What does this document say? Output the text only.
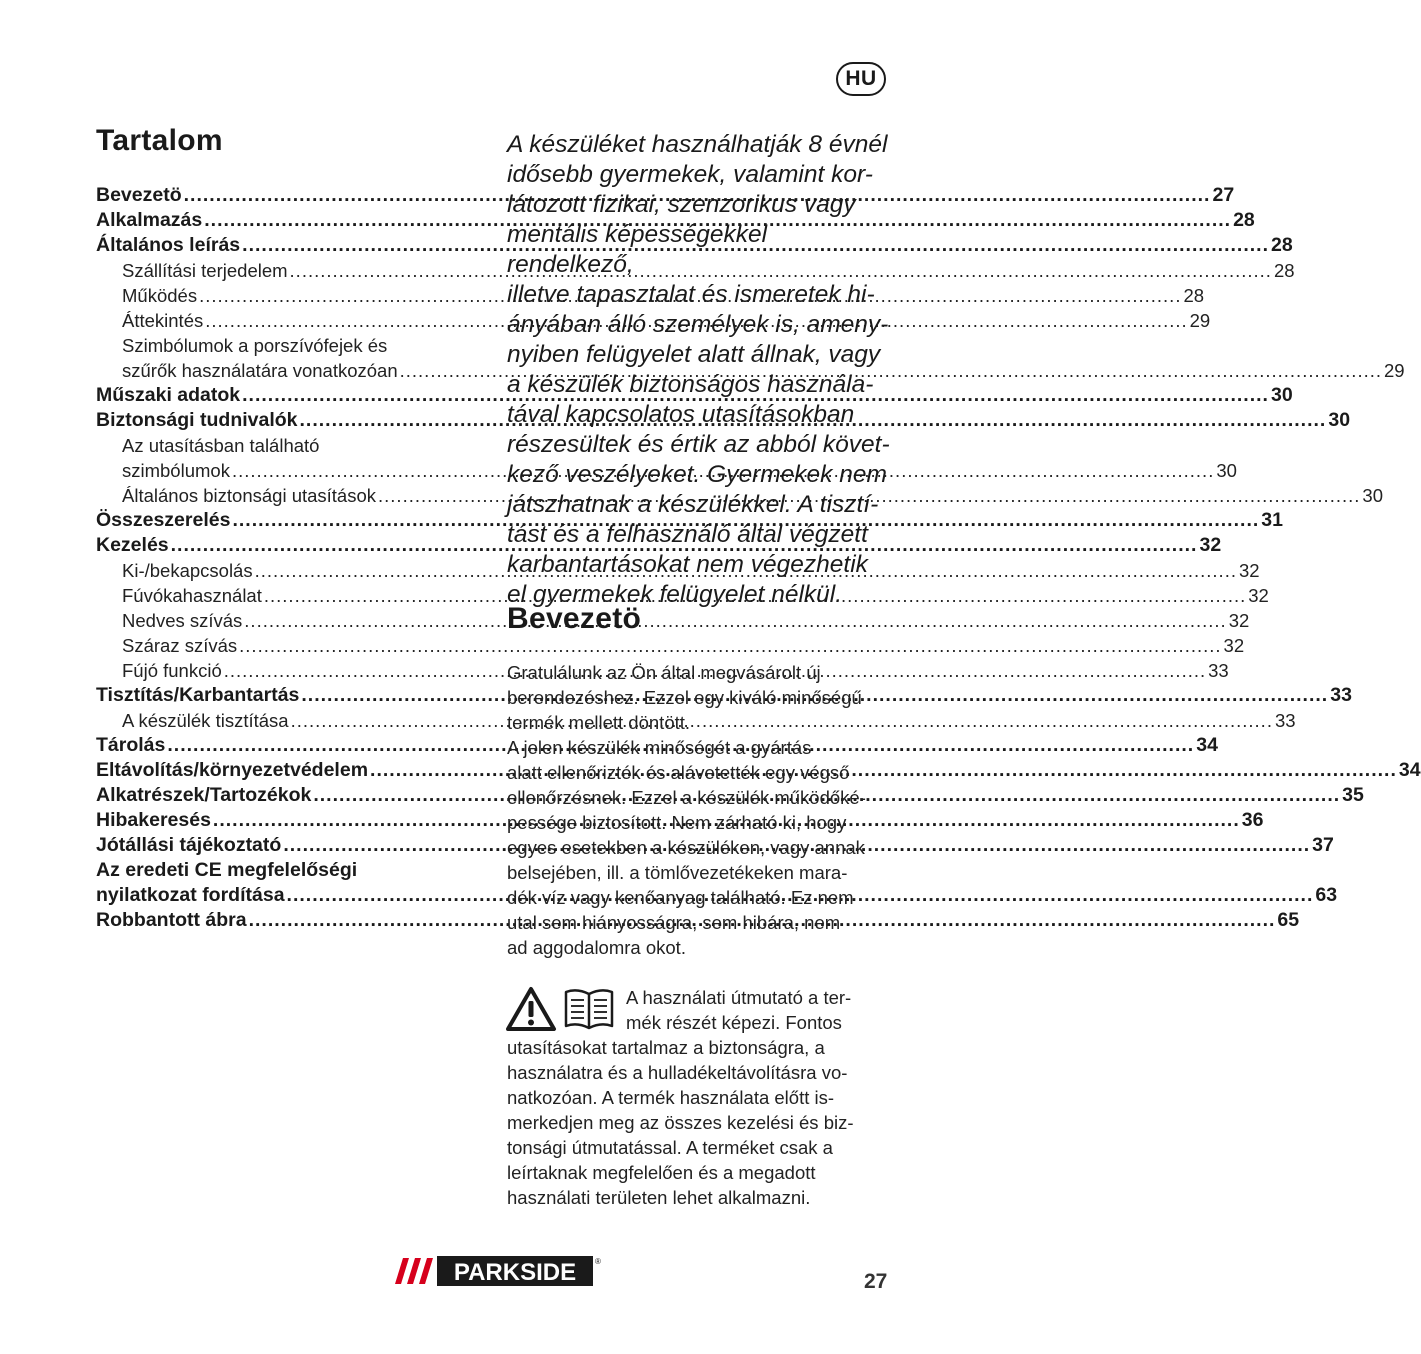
HU
Tartalom
Bevezetö .....	27
Alkalmazás .....	28
Általános leírás .....	28
Szállítási terjedelem .....	28
Működés .....	28
Áttekintés .....	29
Szimbólumok a porszívófejek és
szűrők használatára vonatkozóan .....	29
Műszaki adatok .....	30
Biztonsági tudnivalók .....	30
Az utasításban található
szimbólumok .....	30
Általános biztonsági utasítások .....	30
Összeszerelés .....	31
Kezelés .....	32
Ki-/bekapcsolás .....	32
Fúvókahasználat .....	32
Nedves szívás .....	32
Száraz szívás .....	32
Fújó funkció .....	33
Tisztítás/Karbantartás .....	33
A készülék tisztítása .....	33
Tárolás .....	34
Eltávolítás/környezetvédelem .....	34
Alkatrészek/Tartozékok .....	35
Hibakeresés .....	36
Jótállási tájékoztató .....	37
Az eredeti CE megfelelőségi
nyilatkozat fordítása .....	63
Robbantott ábra .....	65
A készüléket használhatják 8 évnél
idősebb gyermekek, valamint kor-
látozott fizikai, szenzorikus vagy
mentális képességekkel rendelkező,
illetve tapasztalat és ismeretek hi-
ányában álló személyek is, ameny-
nyiben felügyelet alatt állnak, vagy
a készülék biztonságos használa-
tával kapcsolatos utasításokban
részesültek és értik az abból követ-
kező veszélyeket. Gyermekek nem
játszhatnak a készülékkel. A tisztí-
tást és a felhasználó által végzett
karbantartásokat nem végezhetik
el gyermekek felügyelet nélkül.
Bevezetö
Gratulálunk az Ön által megvásárolt új
berendezéshez. Ezzel egy kiváló minőségű
termék mellett döntött.
A jelen készülék minőségét a gyártás
alatt ellenőrizték és alávetették egy végső
ellenőrzésnek. Ezzel a készülék működőké-
pessége biztosított. Nem zárható ki, hogy
egyes esetekben a készüléken, vagy annak
belsejében, ill. a tömlővezetékeken mara-
dék víz vagy kenőanyag található. Ez nem
utal sem hiányosságra, sem hibára, nem
ad aggodalomra okot.
A használati útmutató a ter-
mék részét képezi. Fontos
utasításokat tartalmaz a biztonságra, a
használatra és a hulladékeltávolításra vo-
natkozóan. A termék használata előtt is-
merkedjen meg az összes kezelési és biz-
tonsági útmutatással. A terméket csak a
leírtaknak megfelelően és a megadott
használati területen lehet alkalmazni.
PARKSIDE ®
27
